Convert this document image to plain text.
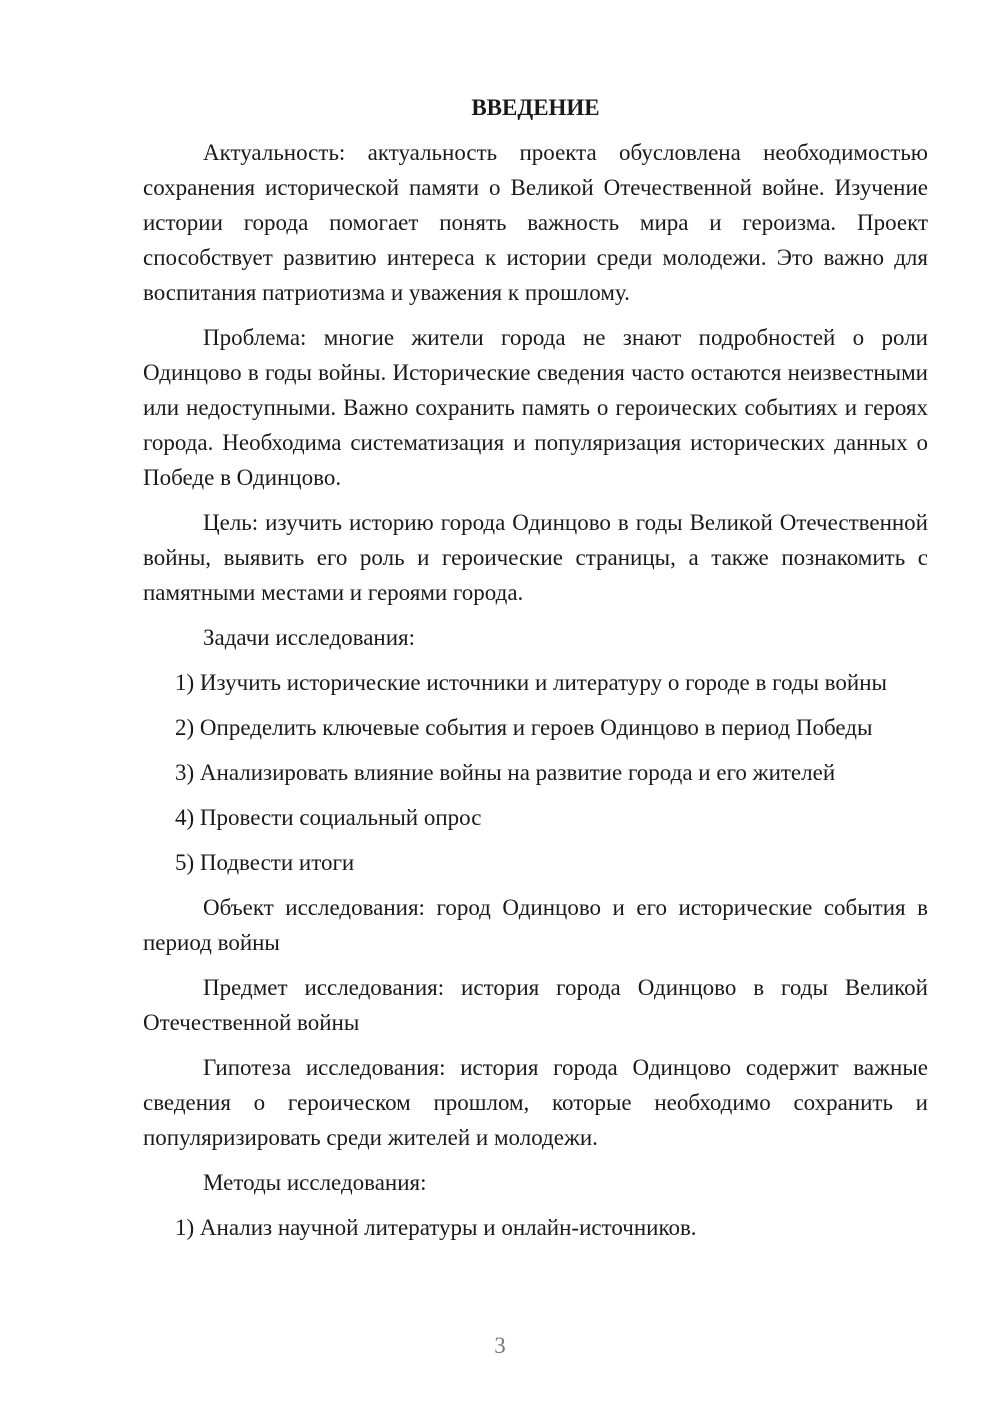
ВВЕДЕНИЕ

Актуальность: актуальность проекта обусловлена необходимостью сохранения исторической памяти о Великой Отечественной войне. Изучение истории города помогает понять важность мира и героизма. Проект способствует развитию интереса к истории среди молодежи. Это важно для воспитания патриотизма и уважения к прошлому.

Проблема: многие жители города не знают подробностей о роли Одинцово в годы войны. Исторические сведения часто остаются неизвестными или недоступными. Важно сохранить память о героических событиях и героях города. Необходима систематизация и популяризация исторических данных о Победе в Одинцово.

Цель: изучить историю города Одинцово в годы Великой Отечественной войны, выявить его роль и героические страницы, а также познакомить с памятными местами и героями города.

Задачи исследования:

1) Изучить исторические источники и литературу о городе в годы войны

2) Определить ключевые события и героев Одинцово в период Победы

3) Анализировать влияние войны на развитие города и его жителей

4) Провести социальный опрос

5) Подвести итоги

Объект исследования: город Одинцово и его исторические события в период войны

Предмет исследования: история города Одинцово в годы Великой Отечественной войны

Гипотеза исследования: история города Одинцово содержит важные сведения о героическом прошлом, которые необходимо сохранить и популяризировать среди жителей и молодежи.

Методы исследования:

1) Анализ научной литературы и онлайн-источников.

3
